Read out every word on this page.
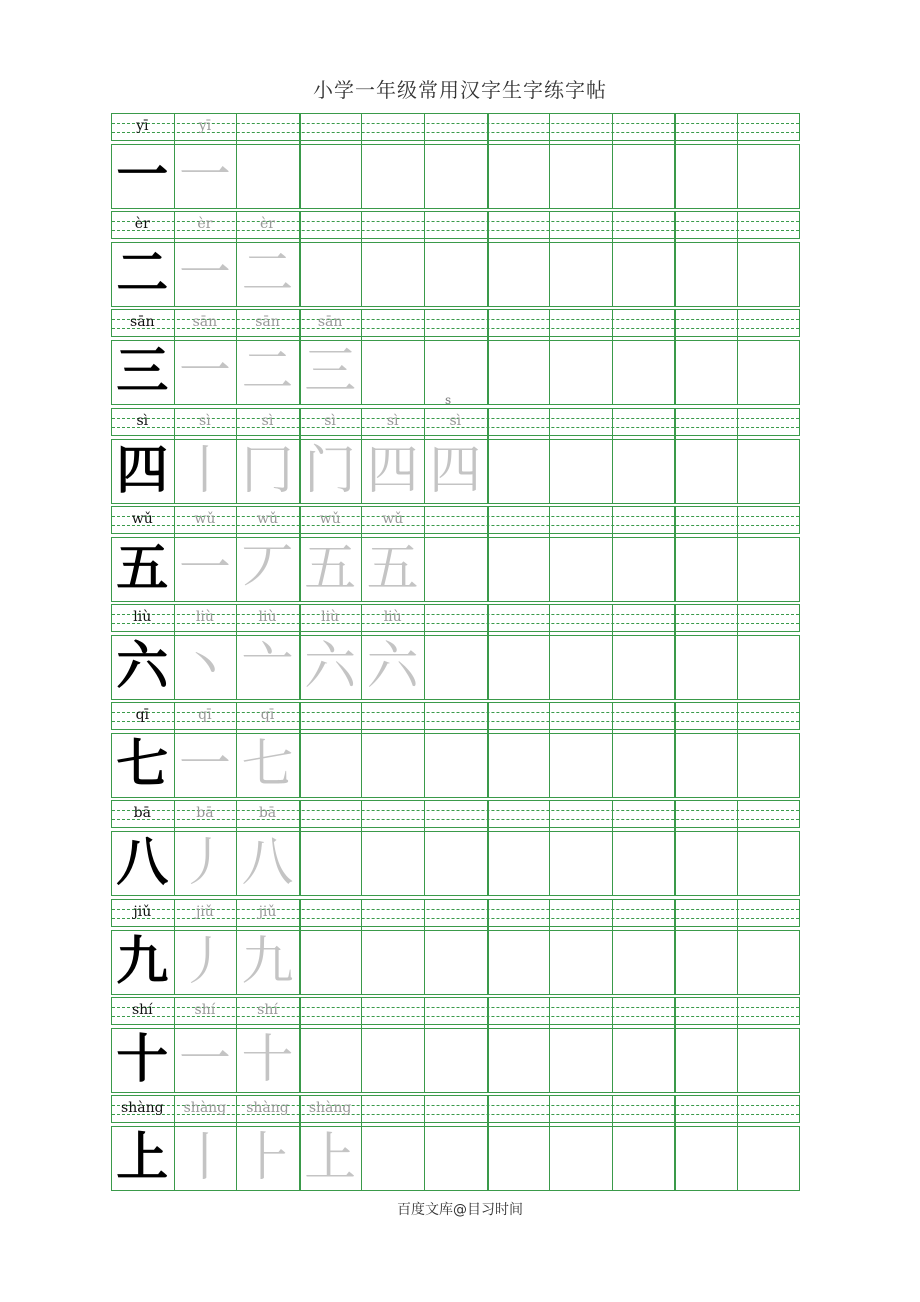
小学一年级常用汉字生字练字帖
yī
一
yī
一
èr
二
èr
一
èr
二
sān
三
sān
一
sān
二
sān
三
sì
四
sì
丨
sì
冂
sì
门
sì
四
sì
四
wǔ
五
wǔ
一
wǔ
丆
wǔ
五
wǔ
五
liù
六
liù
丶
liù
亠
liù
六
liù
六
qī
七
qī
一
qī
七
bā
八
bā
丿
bā
八
jiǔ
九
jiǔ
丿
jiǔ
九
shí
十
shí
一
shí
十
shàng
上
shàng
丨
shàng
⺊
shàng
上
s
百度文库@目习时间
